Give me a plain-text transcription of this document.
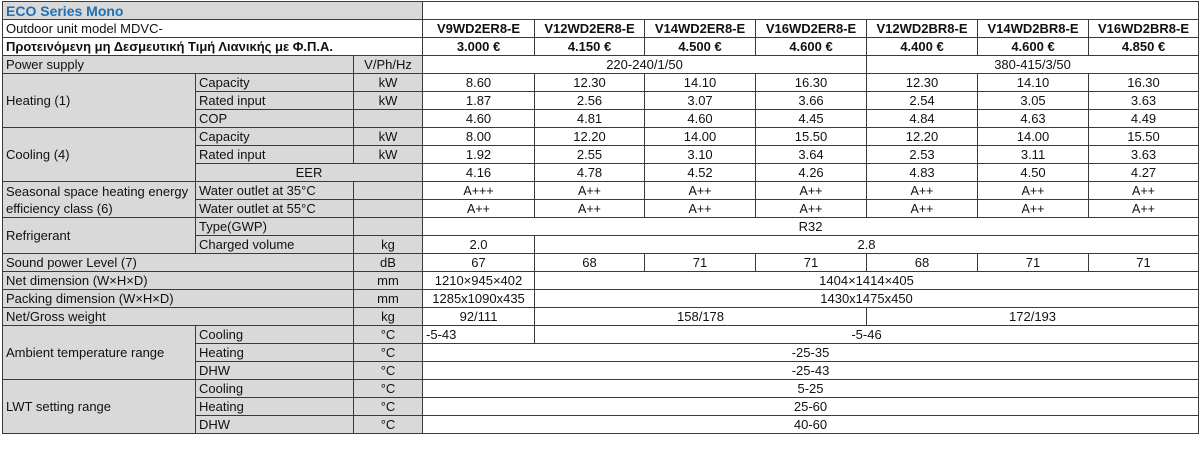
ECO Series Mono									
Outdoor unit model MDVC-			V9WD2ER8-E	V12WD2ER8-E	V14WD2ER8-E	V16WD2ER8-E	V12WD2BR8-E	V14WD2BR8-E	V16WD2BR8-E
Προτεινόμενη μη Δεσμευτική Τιμή Λιανικής με Φ.Π.Α.			3.000 €	4.150 €	4.500 €	4.600 €	4.400 €	4.600 €	4.850 €
Power supply		V/Ph/Hz	220-240/1/50				380-415/3/50		
Heating (1)	Capacity	kW	8.60	12.30	14.10	16.30	12.30	14.10	16.30
	Rated input	kW	1.87	2.56	3.07	3.66	2.54	3.05	3.63
	COP		4.60	4.81	4.60	4.45	4.84	4.63	4.49
Cooling (4)	Capacity	kW	8.00	12.20	14.00	15.50	12.20	14.00	15.50
	Rated input	kW	1.92	2.55	3.10	3.64	2.53	3.11	3.63
	EER		4.16	4.78	4.52	4.26	4.83	4.50	4.27
Seasonal space heating energy efficiency class (6)	Water outlet at 35°C		A+++	A++	A++	A++	A++	A++	A++
	Water outlet at 55°C		A++	A++	A++	A++	A++	A++	A++
Refrigerant	Type(GWP)		R32						
	Charged volume	kg	2.0	2.8					
Sound power Level (7)		dB	67	68	71	71	68	71	71
Net dimension (W×H×D)		mm	1210×945×402	1404×1414×405					
Packing dimension (W×H×D)		mm	1285x1090x435	1430x1475x450					
Net/Gross weight		kg	92/111	158/178			172/193		
Ambient temperature range	Cooling	°C	-5-43	-5-46					
	Heating	°C	-25-35						
	DHW	°C	-25-43						
LWT setting range	Cooling	°C	5-25						
	Heating	°C	25-60						
	DHW	°C	40-60						
